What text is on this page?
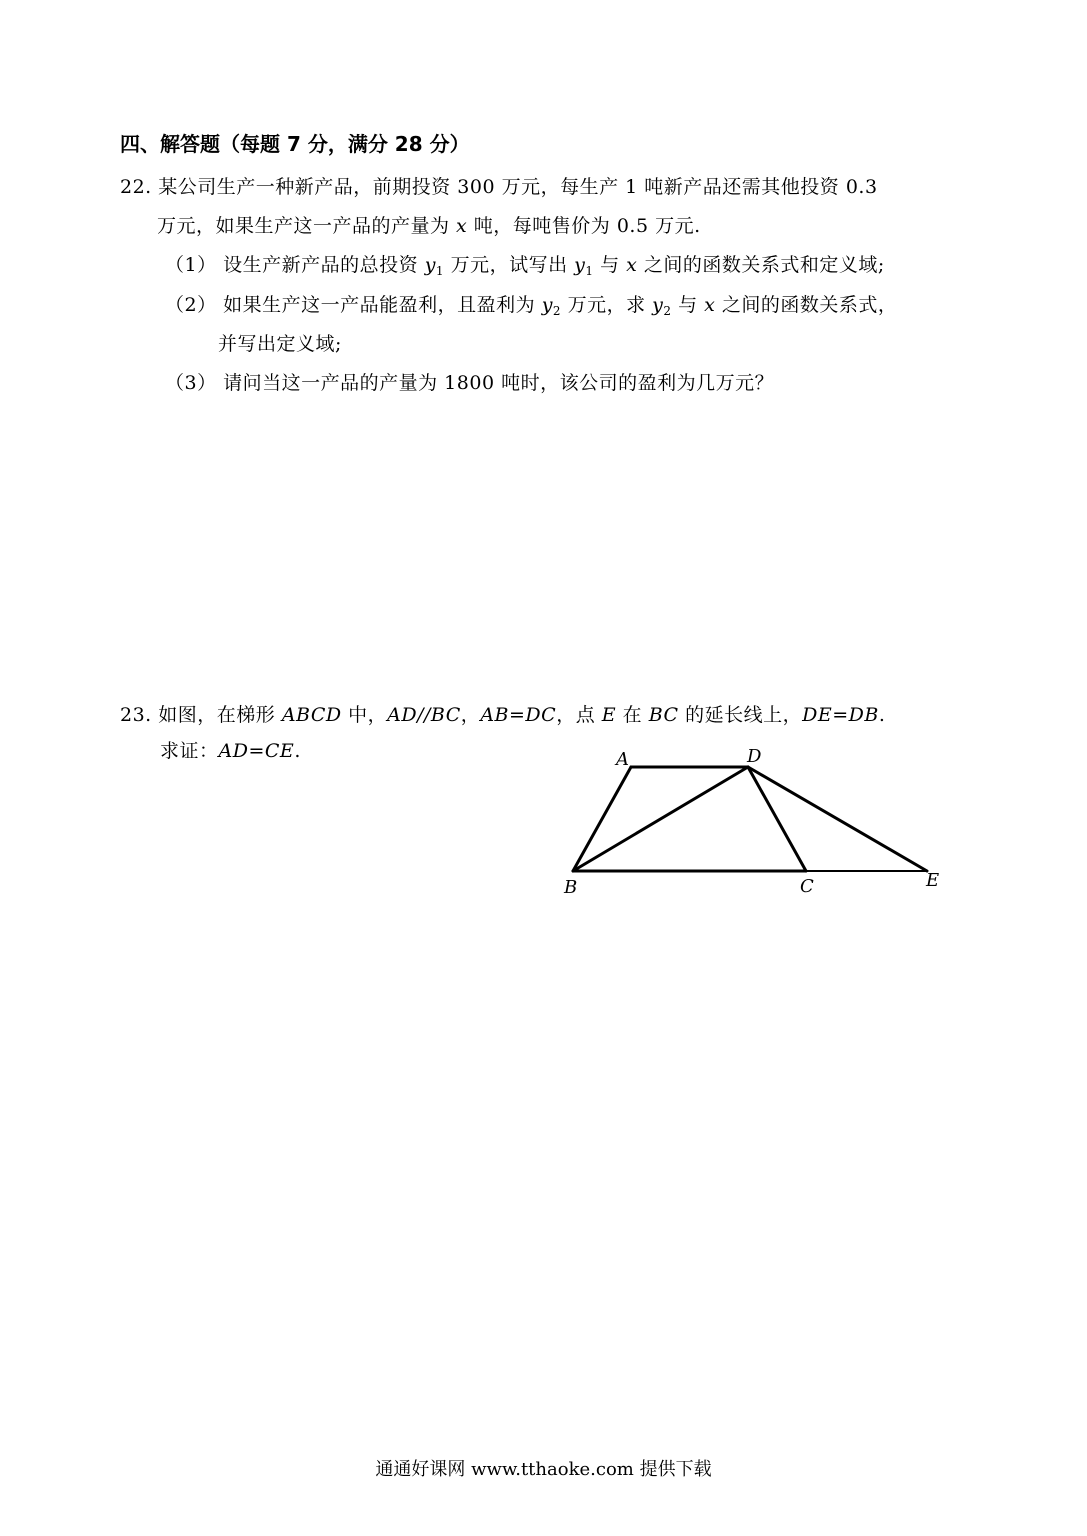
四、解答题（每题 7 分，满分 28 分）
22. 某公司生产一种新产品，前期投资 300 万元，每生产 1 吨新产品还需其他投资 0.3
万元，如果生产这一产品的产量为 x 吨，每吨售价为 0.5 万元.
（1） 设生产新产品的总投资 $y_1$ 万元，试写出 $y_1$ 与 x 之间的函数关系式和定义域;
（2） 如果生产这一产品能盈利，且盈利为 $y_2$ 万元，求 $y_2$ 与 x 之间的函数关系式，
并写出定义域;
（3） 请问当这一产品的产量为 1800 吨时，该公司的盈利为几万元？
23. 如图，在梯形 ABCD 中，AD//BC，AB=DC，点 E 在 BC 的延长线上，DE=DB.
求证：AD=CE.	A	D
B	C	E
通通好课网 www.tthaoke.com 提供下载
